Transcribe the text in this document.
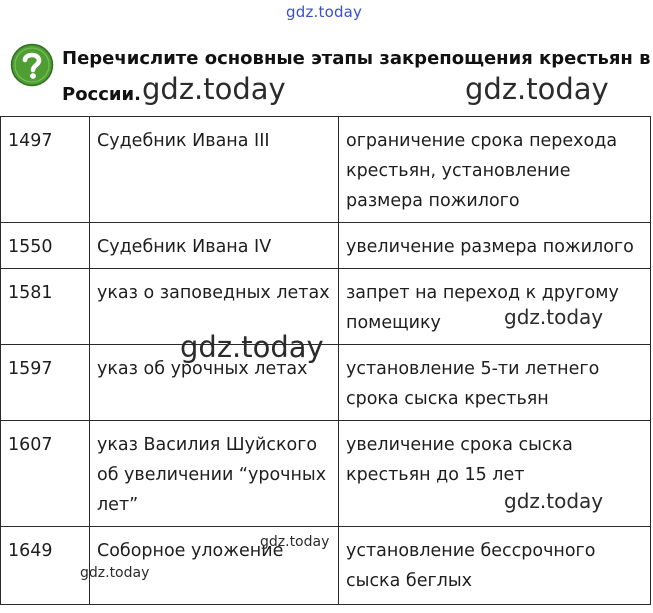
gdz.today
Перечислите основные этапы закрепощения крестьян в России.
1497	Судебник Ивана III	ограничение срока перехода крестьян, установление размера пожилого
1550	Судебник Ивана IV	увеличение размера пожилого
1581	указ о заповедных летах	запрет на переход к другому помещику
1597	указ об урочных летах	установление 5-ти летнего срока сыска крестьян
1607	указ Василия Шуйского об увеличении “урочных лет”	увеличение срока сыска крестьян до 15 лет
1649	Соборное уложение	установление бессрочного сыска беглых
gdz.today	gdz.today
gdz.today
gdz.today
gdz.today
gdz.today
gdz.today
